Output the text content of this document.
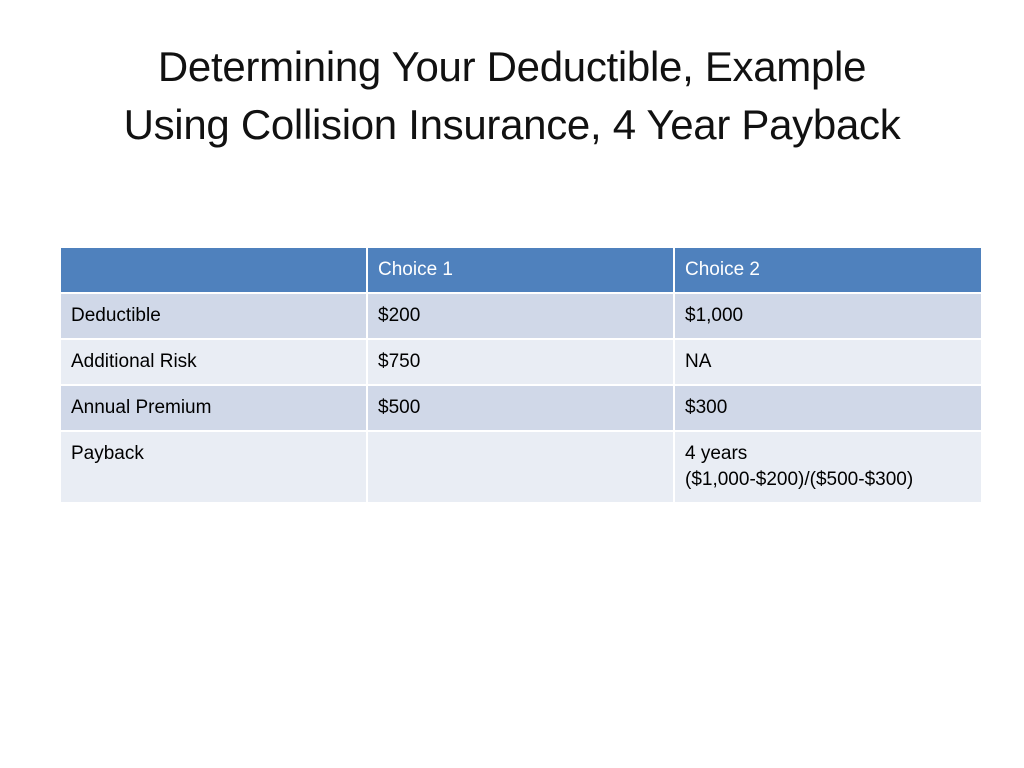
Determining Your Deductible, Example
Using Collision Insurance, 4 Year Payback
	Choice 1	Choice 2
Deductible	$200	$1,000
Additional Risk	$750	NA
Annual Premium	$500	$300
Payback		4 years
($1,000-$200)/($500-$300)
